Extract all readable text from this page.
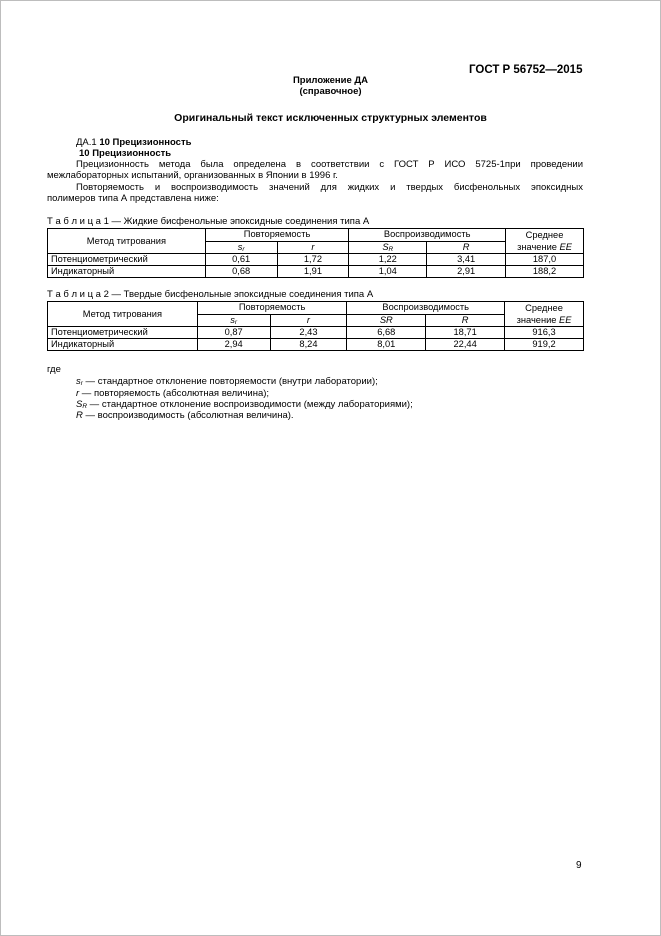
ГОСТ Р 56752—2015
Приложение ДА
(справочное)
Оригинальный текст исключенных структурных элементов
ДА.1 10 Прецизионность
10 Прецизионность
Прецизионность метода была определена в соответствии с ГОСТ Р ИСО 5725-1при проведении
межлабораторных испытаний, организованных в Японии в 1996 г.
Повторяемость и воспроизводимость значений для жидких и твердых бисфенольных эпоксидных
полимеров типа А представлена ниже:
Т а б л и ц а 1 — Жидкие бисфенольные эпоксидные соединения типа А
Метод титрования	Повторяемость		Воспроизводимость		Среднее
значение ЕЕ
	$s_r$	r	$S_R$	R	
Потенциометрический	0,61	1,72	1,22	3,41	187,0
Индикаторный	0,68	1,91	1,04	2,91	188,2
Т а б л и ц а 2 — Твердые бисфенольные эпоксидные соединения типа А
Метод титрования	Повторяемость		Воспроизводимость		Среднее
значение ЕЕ
	$s_r$	r	SR	R	
Потенциометрический	0,87	2,43	6,68	18,71	916,3
Индикаторный	2,94	8,24	8,01	22,44	919,2
где
$s_r$ — стандартное отклонение повторяемости (внутри лаборатории);
r — повторяемость (абсолютная величина);
$S_R$ — стандартное отклонение воспроизводимости (между лабораториями);
R — воспроизводимость (абсолютная величина).
9
